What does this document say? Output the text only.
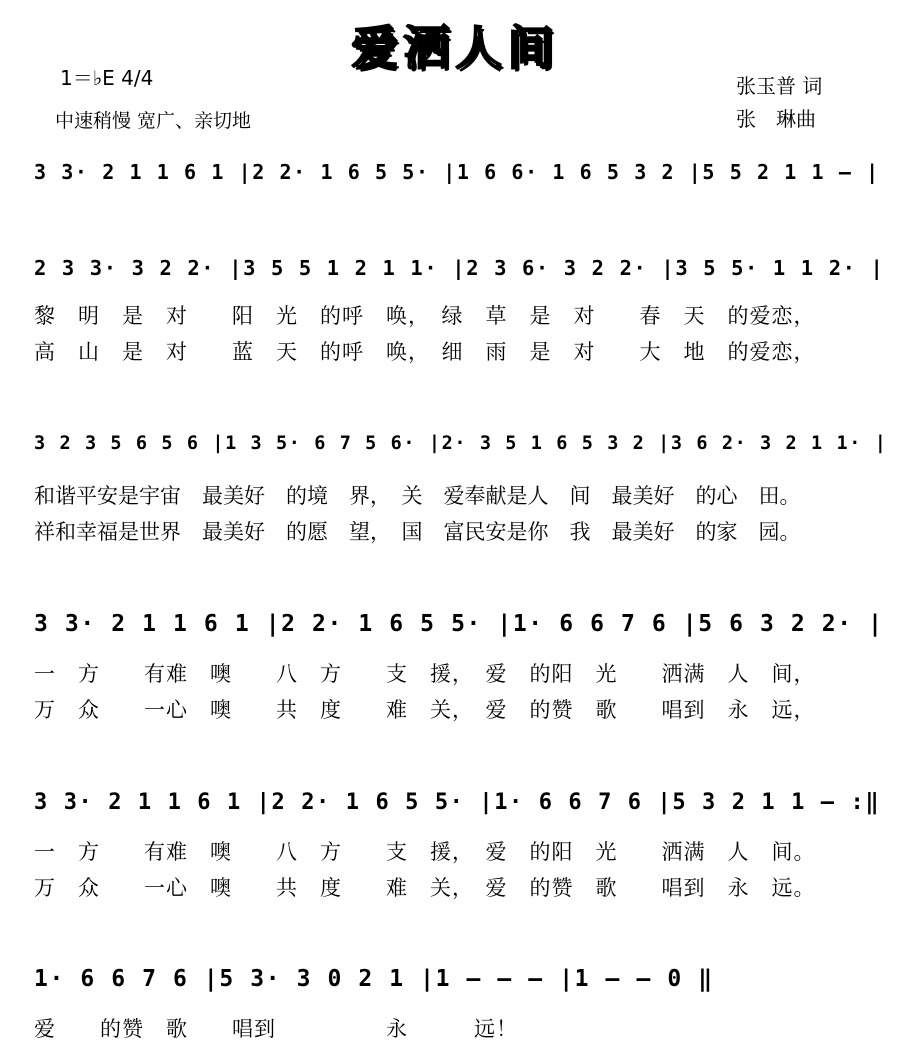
爱洒人间
1＝♭E 4/4
中速稍慢 宽广、亲切地
张玉普 词
张　琳曲
3 3· 2 1 1 6 1 |2 2· 1 6 5 5· |1 6 6· 1 6 5 3 2 |5 5 2 1 1 — |
2 3 3· 3 2 2· |3 5 5 1 2 1 1· |2 3 6· 3 2 2· |3 5 5· 1 1 2· |
黎　明　是　对　　阳　光　的呼　唤，　绿　草　是　对　　春　天　的爱恋，
高　山　是　对　　蓝　天　的呼　唤，　细　雨　是　对　　大　地　的爱恋，
3 2 3 5 6 5 6 |1 3 5· 6 7 5 6· |2· 3 5 1 6 5 3 2 |3 6 2· 3 2 1 1· |
和谐平安是宇宙　最美好　的境　界，　关　爱奉献是人　间　最美好　的心　田。
祥和幸福是世界　最美好　的愿　望，　国　富民安是你　我　最美好　的家　园。
3 3· 2 1 1 6 1 |2 2· 1 6 5 5· |1· 6 6 7 6 |5 6 3 2 2· |
一　方　　有难　噢　　八　方　　支　援，　爱　的阳　光　　洒满　人　间，
万　众　　一心　噢　　共　度　　难　关，　爱　的赞　歌　　唱到　永　远，
3 3· 2 1 1 6 1 |2 2· 1 6 5 5· |1· 6 6 7 6 |5 3 2 1 1 — :‖
一　方　　有难　噢　　八　方　　支　援，　爱　的阳　光　　洒满　人　间。
万　众　　一心　噢　　共　度　　难　关，　爱　的赞　歌　　唱到　永　远。
1· 6 6 7 6 |5 3· 3 0 2 1 |1 — — — |1 — — 0 ‖
爱　　的赞　歌　　唱到　　　　　永　　　远！
